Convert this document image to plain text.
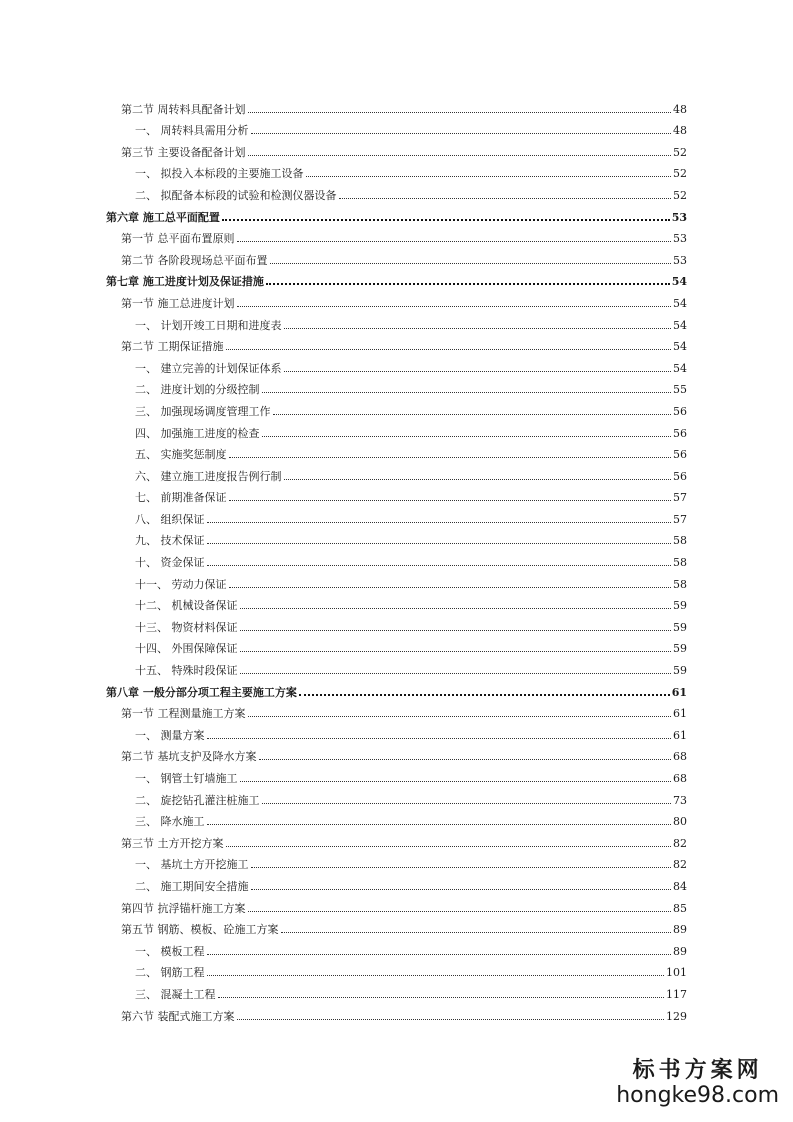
第二节 周转料具配备计划	48
一、 周转料具需用分析	48
第三节 主要设备配备计划	52
一、 拟投入本标段的主要施工设备	52
二、 拟配备本标段的试验和检测仪器设备	52
第六章 施工总平面配置	53
第一节 总平面布置原则	53
第二节 各阶段现场总平面布置	53
第七章 施工进度计划及保证措施	54
第一节 施工总进度计划	54
一、 计划开竣工日期和进度表	54
第二节 工期保证措施	54
一、 建立完善的计划保证体系	54
二、 进度计划的分级控制	55
三、 加强现场调度管理工作	56
四、 加强施工进度的检查	56
五、 实施奖惩制度	56
六、 建立施工进度报告例行制	56
七、 前期准备保证	57
八、 组织保证	57
九、 技术保证	58
十、 资金保证	58
十一、 劳动力保证	58
十二、 机械设备保证	59
十三、 物资材料保证	59
十四、 外围保障保证	59
十五、 特殊时段保证	59
第八章 一般分部分项工程主要施工方案	61
第一节 工程测量施工方案	61
一、 测量方案	61
第二节 基坑支护及降水方案	68
一、 钢管土钉墙施工	68
二、 旋挖钻孔灌注桩施工	73
三、 降水施工	80
第三节 土方开挖方案	82
一、 基坑土方开挖施工	82
二、 施工期间安全措施	84
第四节 抗浮锚杆施工方案	85
第五节 钢筋、模板、砼施工方案	89
一、 模板工程	89
二、 钢筋工程	101
三、 混凝土工程	117
第六节 装配式施工方案	129
标书方案网
hongke98.com
